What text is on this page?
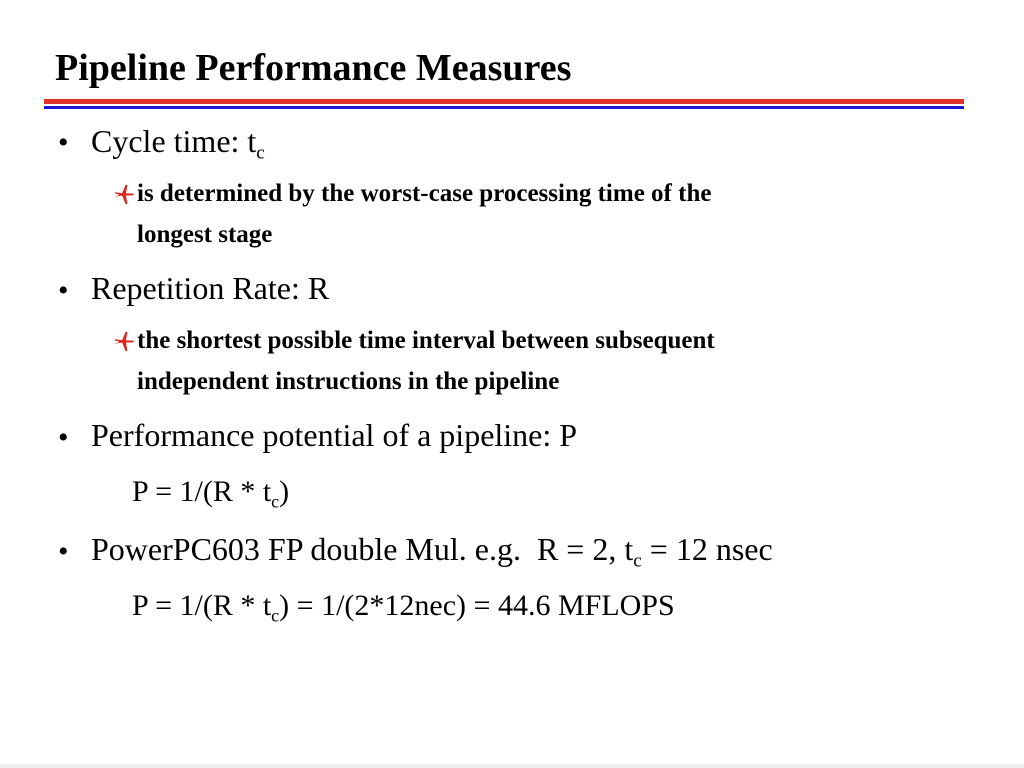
Pipeline Performance Measures
• Cycle time: $t_c$
is determined by the worst-case processing time of the
longest stage
• Repetition Rate: R
the shortest possible time interval between subsequent
independent instructions in the pipeline
• Performance potential of a pipeline: P
$P = 1/(R * t_c)$
• PowerPC603 FP double Mul. e.g.  R = 2, $t_c = 12$ nsec
$P = 1/(R * t_c) = 1/(2*12nec) = 44.6$ MFLOPS
